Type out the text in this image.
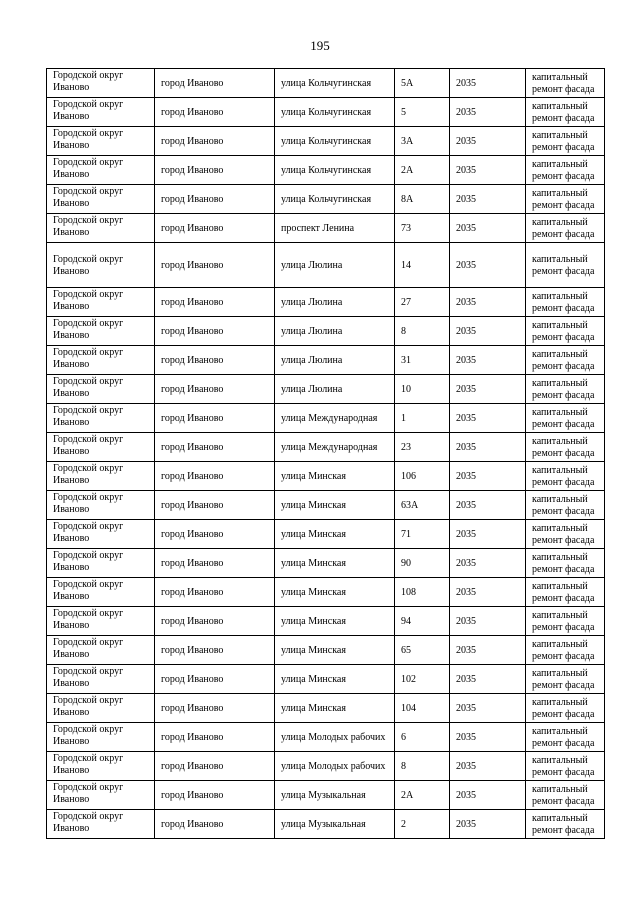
195
Городской округ Иваново	город Иваново	улица Кольчугинская	5А	2035	капитальный ремонт фасада
Городской округ Иваново	город Иваново	улица Кольчугинская	5	2035	капитальный ремонт фасада
Городской округ Иваново	город Иваново	улица Кольчугинская	3А	2035	капитальный ремонт фасада
Городской округ Иваново	город Иваново	улица Кольчугинская	2А	2035	капитальный ремонт фасада
Городской округ Иваново	город Иваново	улица Кольчугинская	8А	2035	капитальный ремонт фасада
Городской округ Иваново	город Иваново	проспект Ленина	73	2035	капитальный ремонт фасада
Городской округ Иваново	город Иваново	улица Люлина	14	2035	капитальный ремонт фасада
Городской округ Иваново	город Иваново	улица Люлина	27	2035	капитальный ремонт фасада
Городской округ Иваново	город Иваново	улица Люлина	8	2035	капитальный ремонт фасада
Городской округ Иваново	город Иваново	улица Люлина	31	2035	капитальный ремонт фасада
Городской округ Иваново	город Иваново	улица Люлина	10	2035	капитальный ремонт фасада
Городской округ Иваново	город Иваново	улица Международная	1	2035	капитальный ремонт фасада
Городской округ Иваново	город Иваново	улица Международная	23	2035	капитальный ремонт фасада
Городской округ Иваново	город Иваново	улица Минская	106	2035	капитальный ремонт фасада
Городской округ Иваново	город Иваново	улица Минская	63А	2035	капитальный ремонт фасада
Городской округ Иваново	город Иваново	улица Минская	71	2035	капитальный ремонт фасада
Городской округ Иваново	город Иваново	улица Минская	90	2035	капитальный ремонт фасада
Городской округ Иваново	город Иваново	улица Минская	108	2035	капитальный ремонт фасада
Городской округ Иваново	город Иваново	улица Минская	94	2035	капитальный ремонт фасада
Городской округ Иваново	город Иваново	улица Минская	65	2035	капитальный ремонт фасада
Городской округ Иваново	город Иваново	улица Минская	102	2035	капитальный ремонт фасада
Городской округ Иваново	город Иваново	улица Минская	104	2035	капитальный ремонт фасада
Городской округ Иваново	город Иваново	улица Молодых рабочих	6	2035	капитальный ремонт фасада
Городской округ Иваново	город Иваново	улица Молодых рабочих	8	2035	капитальный ремонт фасада
Городской округ Иваново	город Иваново	улица Музыкальная	2А	2035	капитальный ремонт фасада
Городской округ Иваново	город Иваново	улица Музыкальная	2	2035	капитальный ремонт фасада
